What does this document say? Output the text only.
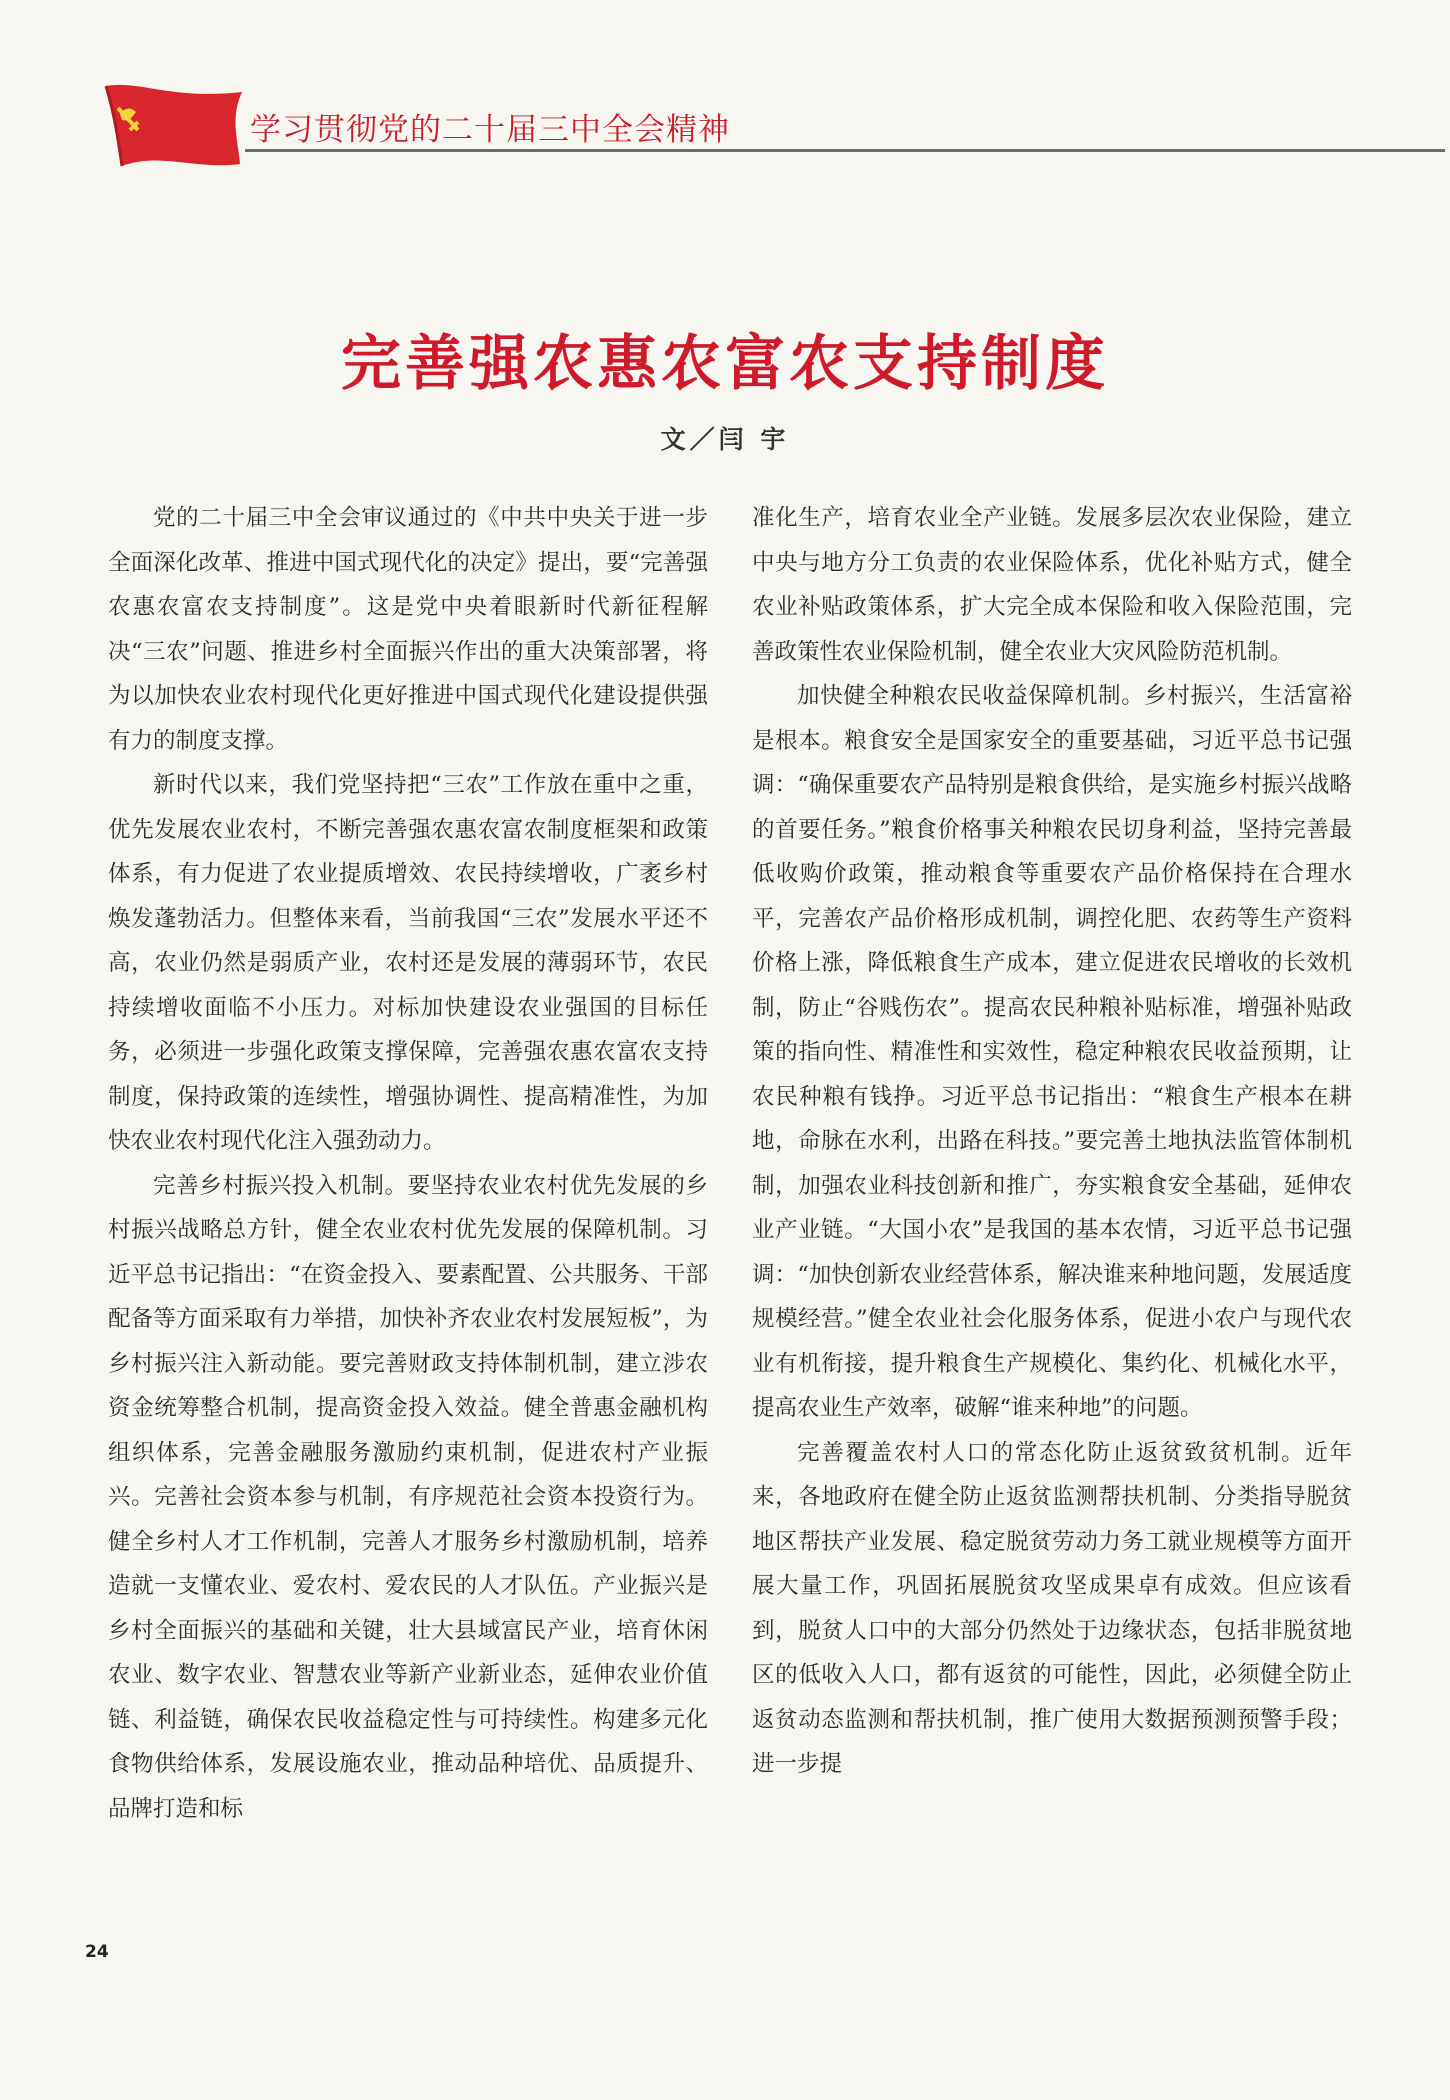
学习贯彻党的二十届三中全会精神
完善强农惠农富农支持制度
文／闫 宇

党的二十届三中全会审议通过的《中共中央关于进一步全面深化改革、推进中国式现代化的决定》提出，要“完善强农惠农富农支持制度”。这是党中央着眼新时代新征程解决“三农”问题、推进乡村全面振兴作出的重大决策部署，将为以加快农业农村现代化更好推进中国式现代化建设提供强有力的制度支撑。

新时代以来，我们党坚持把“三农”工作放在重中之重，优先发展农业农村，不断完善强农惠农富农制度框架和政策体系，有力促进了农业提质增效、农民持续增收，广袤乡村焕发蓬勃活力。但整体来看，当前我国“三农”发展水平还不高，农业仍然是弱质产业，农村还是发展的薄弱环节，农民持续增收面临不小压力。对标加快建设农业强国的目标任务，必须进一步强化政策支撑保障，完善强农惠农富农支持制度，保持政策的连续性，增强协调性、提高精准性，为加快农业农村现代化注入强劲动力。

完善乡村振兴投入机制。要坚持农业农村优先发展的乡村振兴战略总方针，健全农业农村优先发展的保障机制。习近平总书记指出：“在资金投入、要素配置、公共服务、干部配备等方面采取有力举措，加快补齐农业农村发展短板”，为乡村振兴注入新动能。要完善财政支持体制机制，建立涉农资金统筹整合机制，提高资金投入效益。健全普惠金融机构组织体系，完善金融服务激励约束机制，促进农村产业振兴。完善社会资本参与机制，有序规范社会资本投资行为。健全乡村人才工作机制，完善人才服务乡村激励机制，培养造就一支懂农业、爱农村、爱农民的人才队伍。产业振兴是乡村全面振兴的基础和关键，壮大县域富民产业，培育休闲农业、数字农业、智慧农业等新产业新业态，延伸农业价值链、利益链，确保农民收益稳定性与可持续性。构建多元化食物供给体系，发展设施农业，推动品种培优、品质提升、品牌打造和标

准化生产，培育农业全产业链。发展多层次农业保险，建立中央与地方分工负责的农业保险体系，优化补贴方式，健全农业补贴政策体系，扩大完全成本保险和收入保险范围，完善政策性农业保险机制，健全农业大灾风险防范机制。

加快健全种粮农民收益保障机制。乡村振兴，生活富裕是根本。粮食安全是国家安全的重要基础，习近平总书记强调：“确保重要农产品特别是粮食供给，是实施乡村振兴战略的首要任务。”粮食价格事关种粮农民切身利益，坚持完善最低收购价政策，推动粮食等重要农产品价格保持在合理水平，完善农产品价格形成机制，调控化肥、农药等生产资料价格上涨，降低粮食生产成本，建立促进农民增收的长效机制，防止“谷贱伤农”。提高农民种粮补贴标准，增强补贴政策的指向性、精准性和实效性，稳定种粮农民收益预期，让农民种粮有钱挣。习近平总书记指出：“粮食生产根本在耕地，命脉在水利，出路在科技。”要完善土地执法监管体制机制，加强农业科技创新和推广，夯实粮食安全基础，延伸农业产业链。“大国小农”是我国的基本农情，习近平总书记强调：“加快创新农业经营体系，解决谁来种地问题，发展适度规模经营。”健全农业社会化服务体系，促进小农户与现代农业有机衔接，提升粮食生产规模化、集约化、机械化水平，提高农业生产效率，破解“谁来种地”的问题。

完善覆盖农村人口的常态化防止返贫致贫机制。近年来，各地政府在健全防止返贫监测帮扶机制、分类指导脱贫地区帮扶产业发展、稳定脱贫劳动力务工就业规模等方面开展大量工作，巩固拓展脱贫攻坚成果卓有成效。但应该看到，脱贫人口中的大部分仍然处于边缘状态，包括非脱贫地区的低收入人口，都有返贫的可能性，因此，必须健全防止返贫动态监测和帮扶机制，推广使用大数据预测预警手段；进一步提

24
